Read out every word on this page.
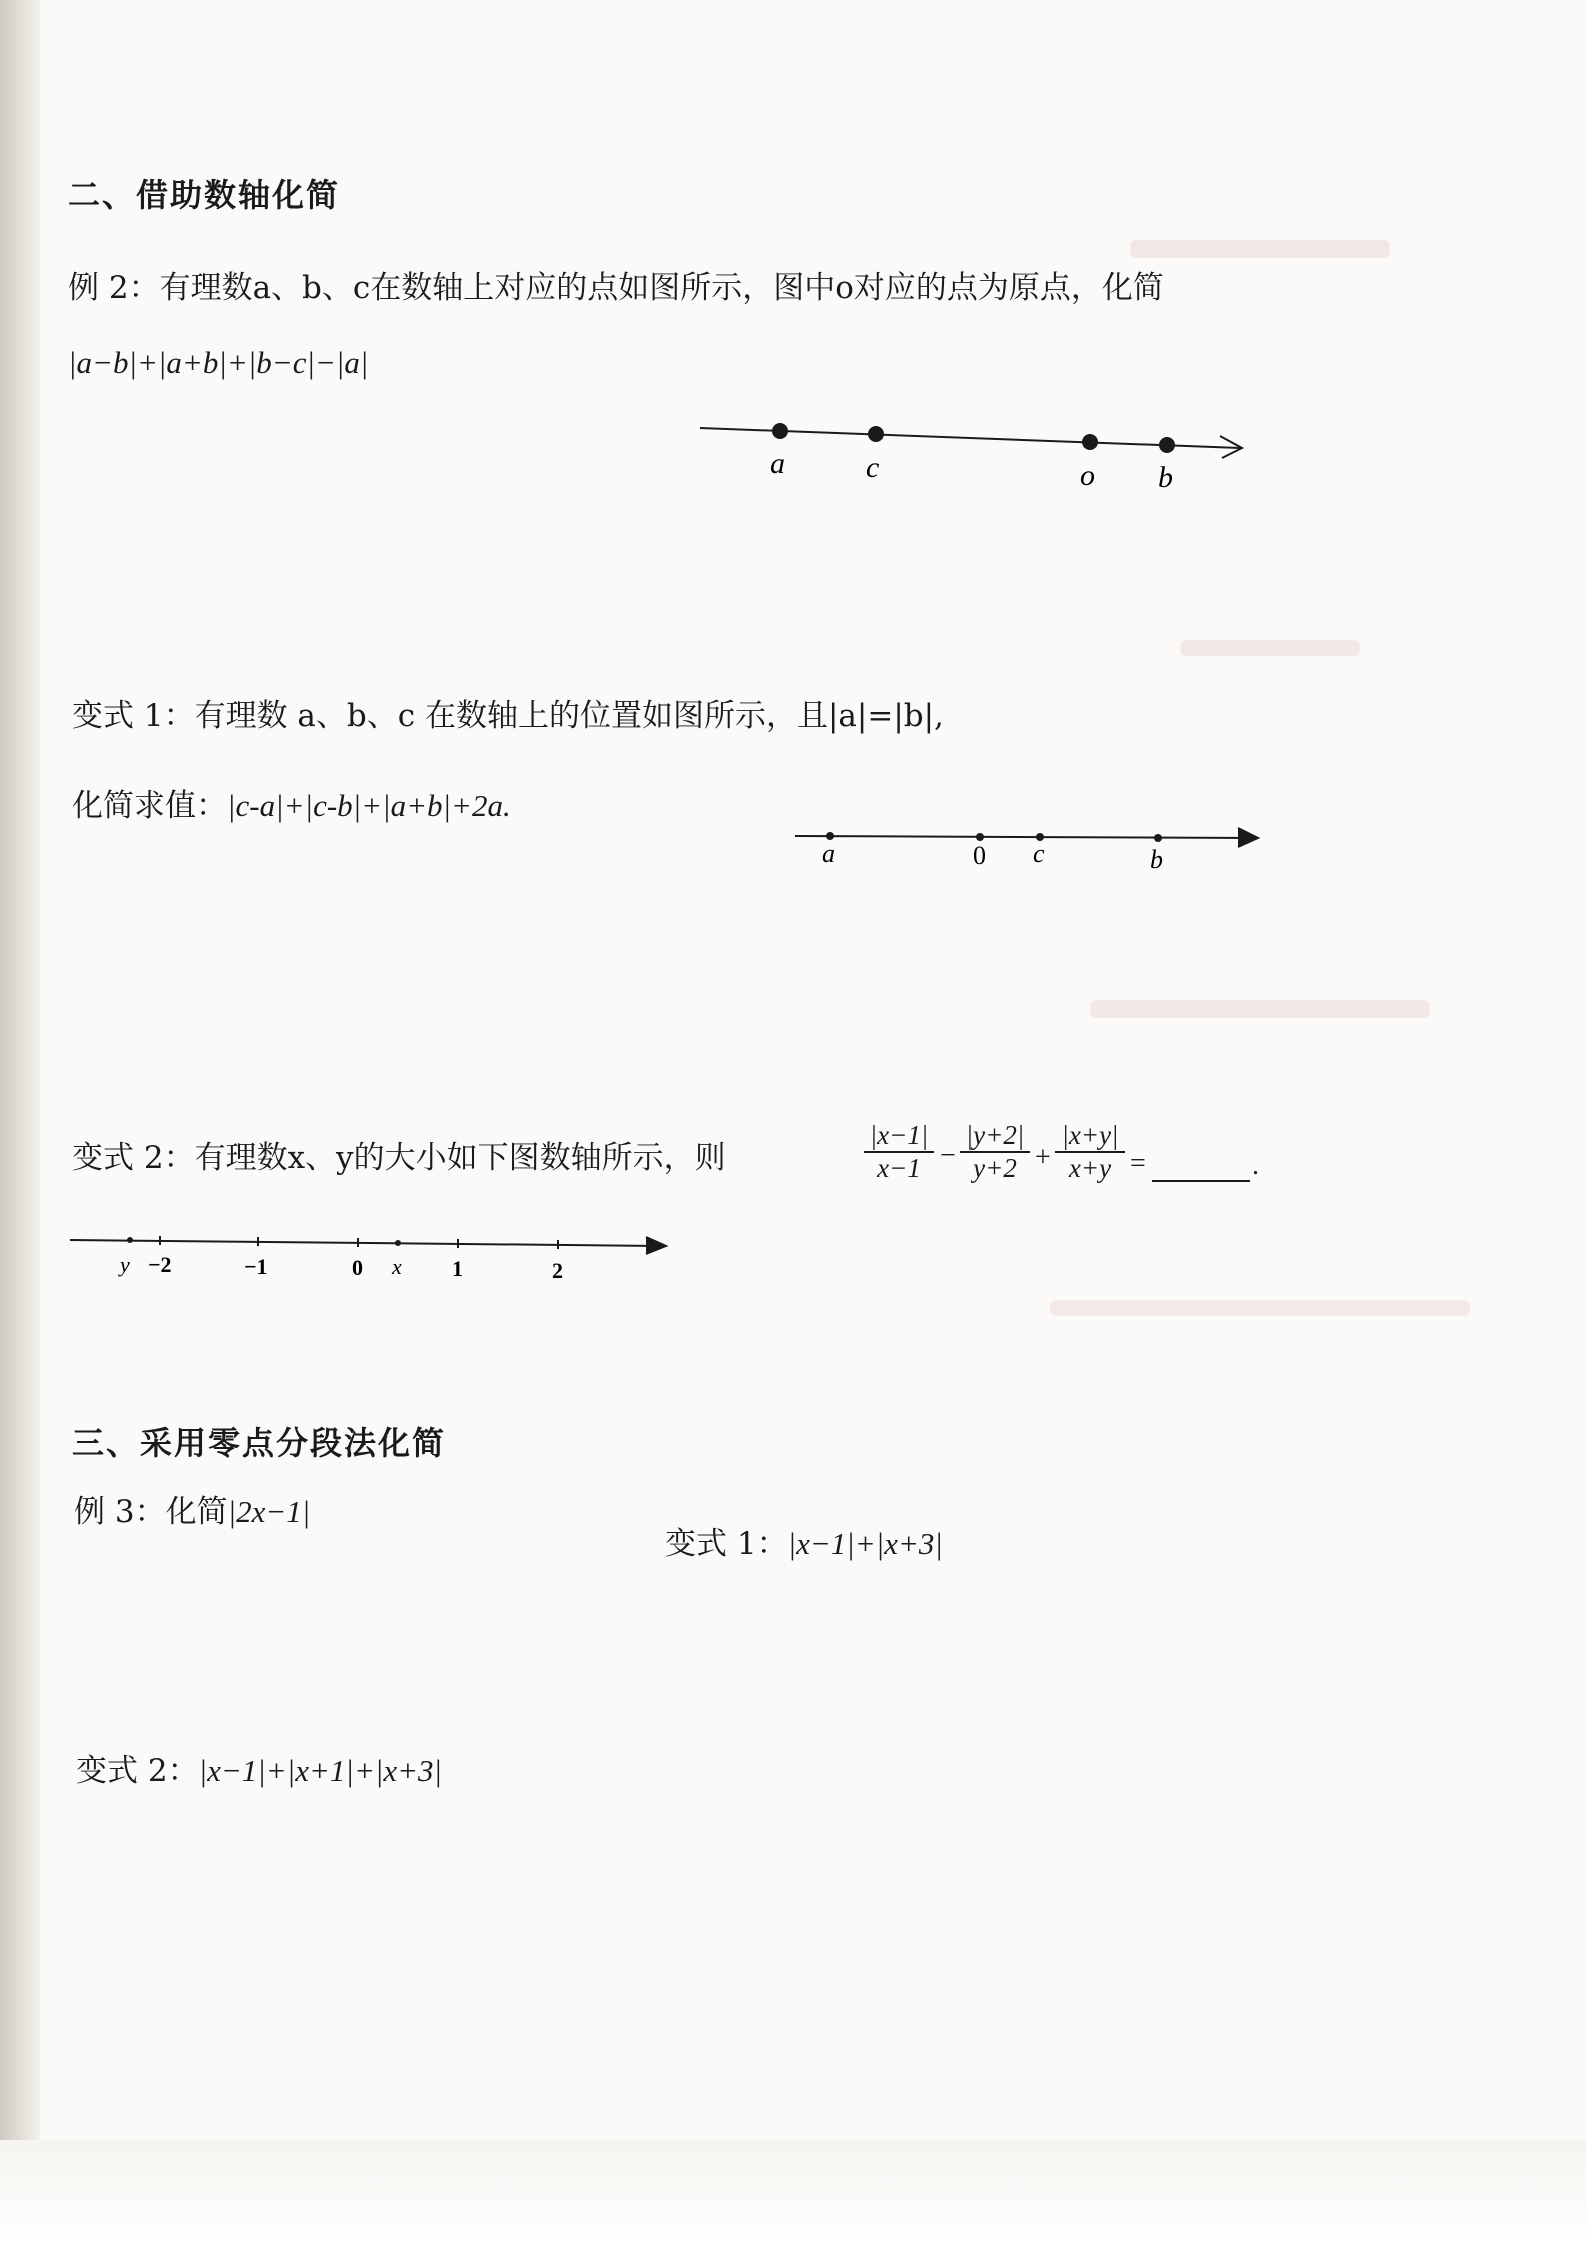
二、借助数轴化简
例 2：有理数a、b、c在数轴上对应的点如图所示，图中o对应的点为原点，化简
|a−b|+|a+b|+|b−c|−|a|
a	c	o b
变式 1：有理数 a、b、c 在数轴上的位置如图所示，且|a|=|b|,
化简求值：|c-a|+|c-b|+|a+b|+2a.
a	0 c	b
变式 2：有理数x、y的大小如下图数轴所示，则	$\frac{|x-1|}{x-1} - \frac{|y+2|}{y+2} + \frac{|x+y|}{x+y}$ =	.
y −2	−1	0 x 1	2
三、采用零点分段法化简
例 3：化简|2x−1|
变式 1：|x−1|+|x+3|
变式 2：|x−1|+|x+1|+|x+3|
